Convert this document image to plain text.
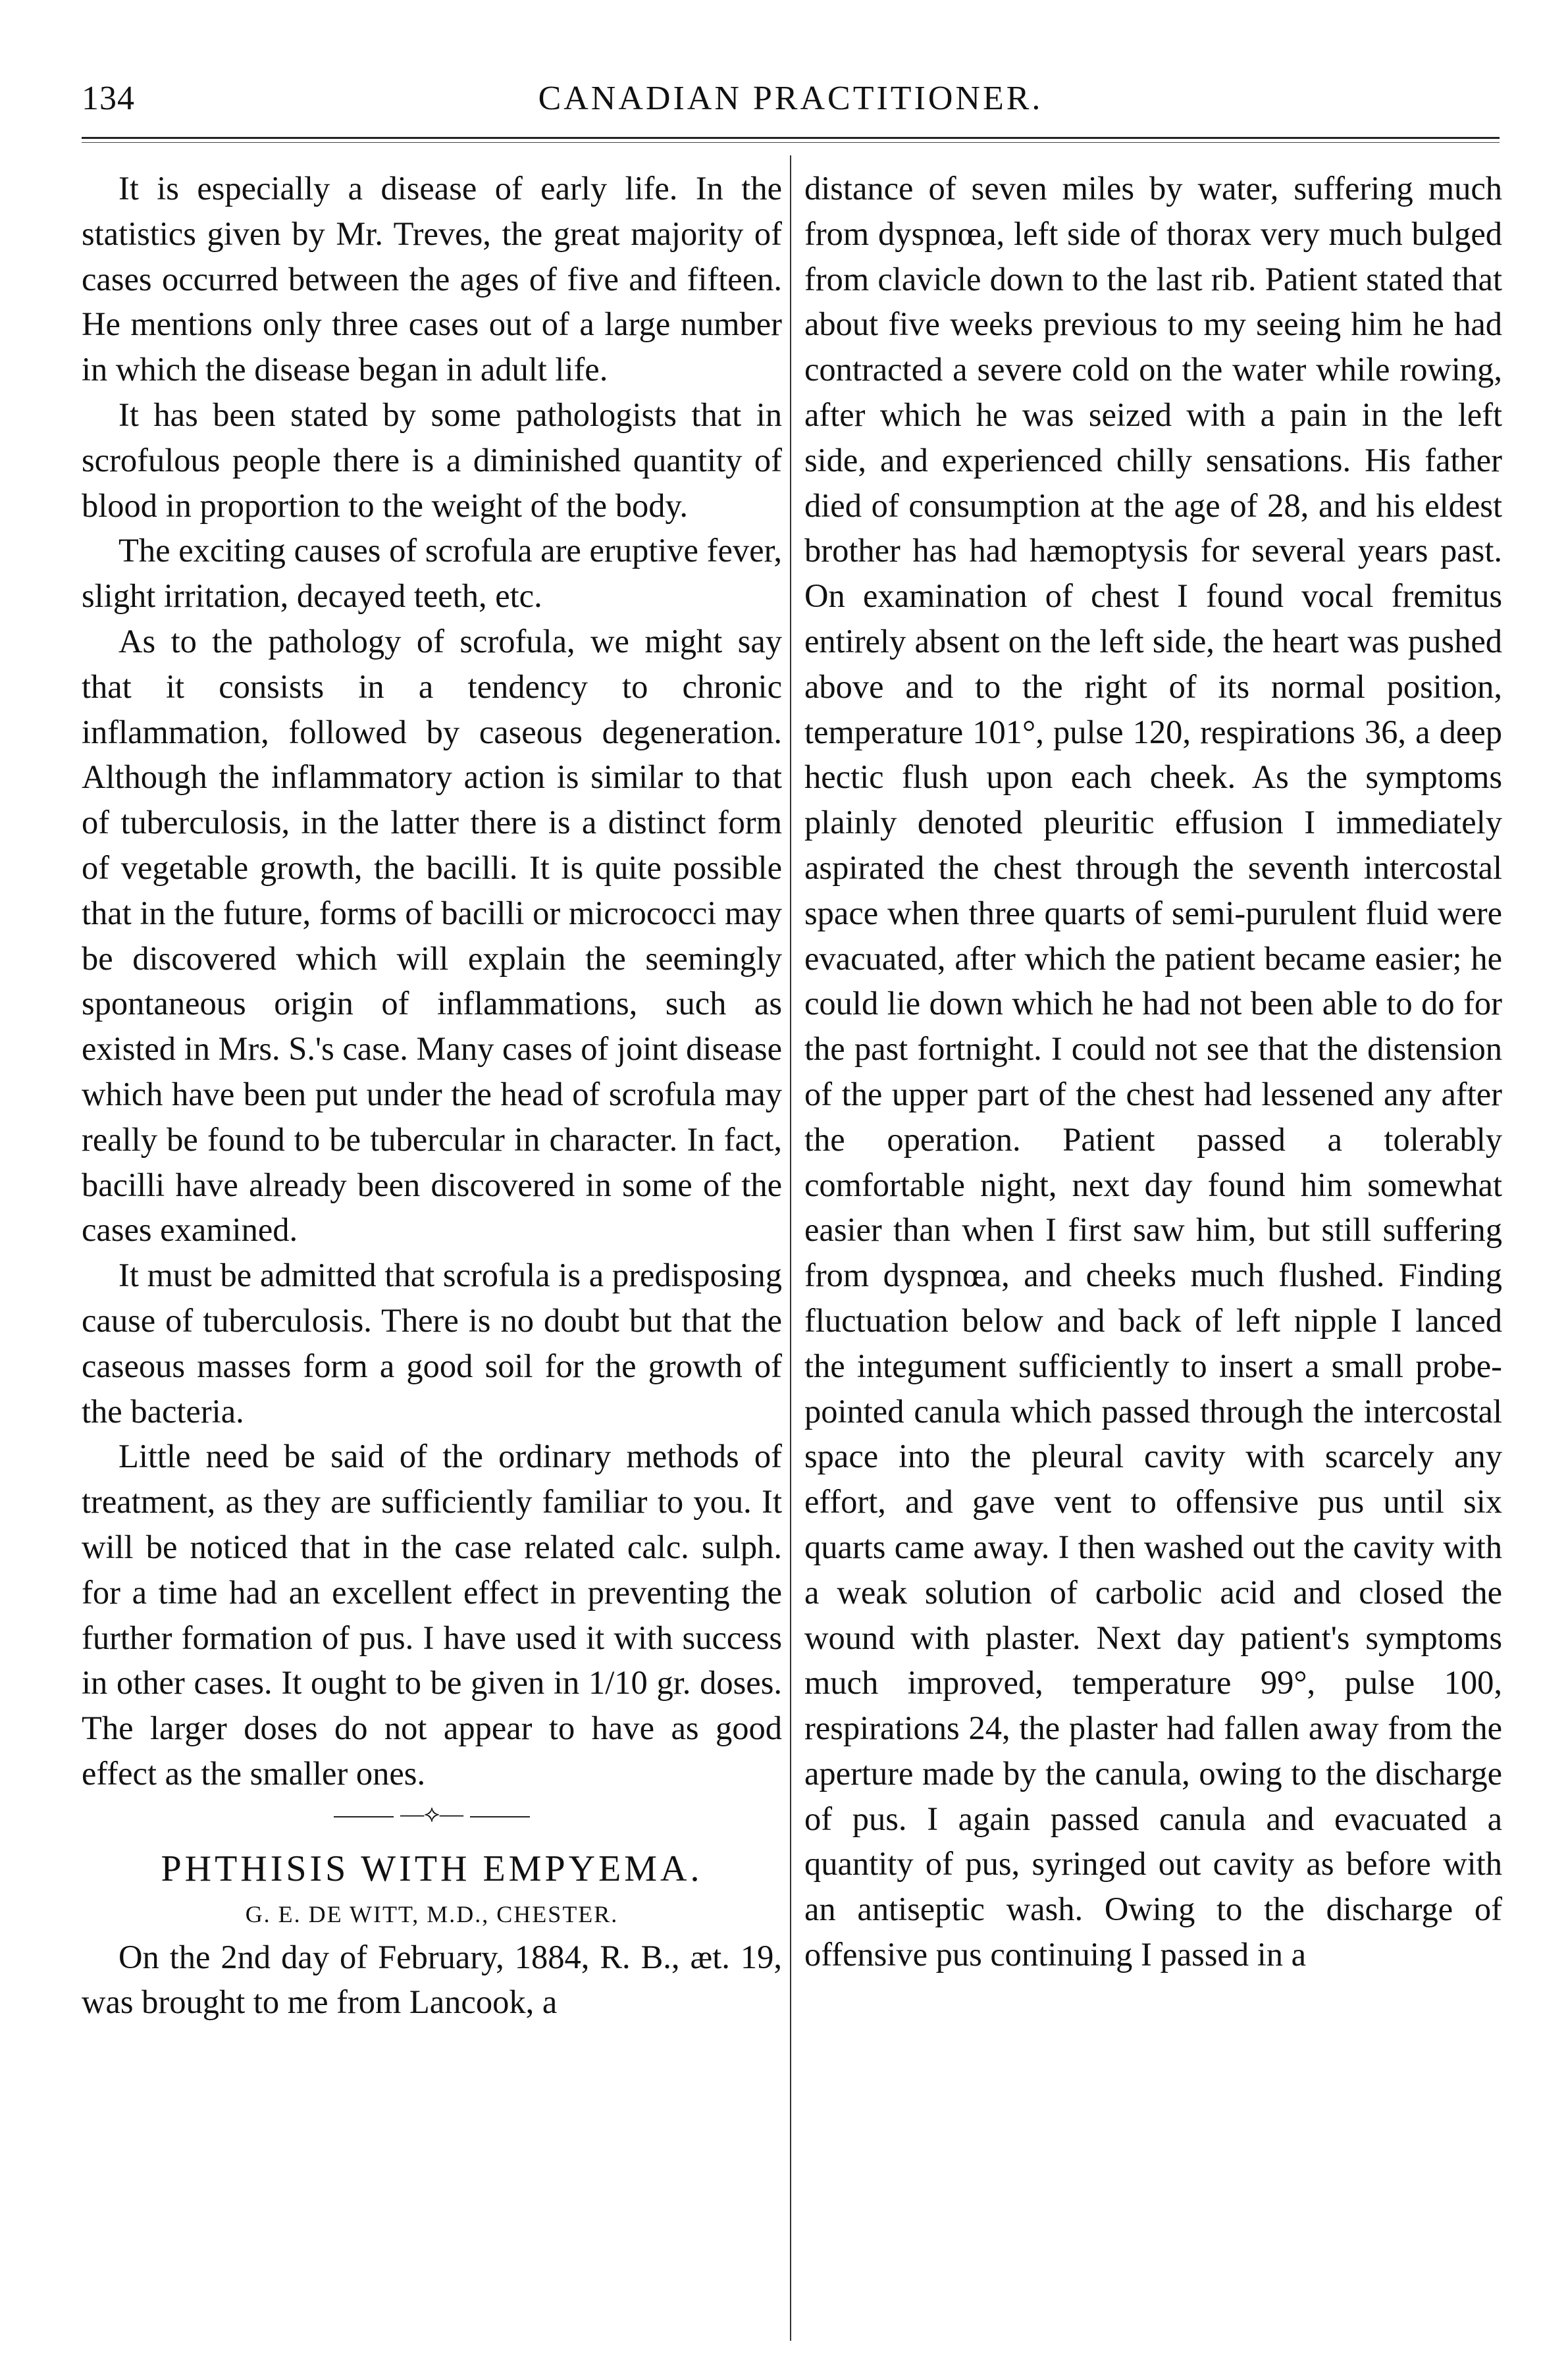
134	CANADIAN PRACTITIONER.

It is especially a disease of early life. In the statistics given by Mr. Treves, the great majority of cases occurred between the ages of five and fifteen. He mentions only three cases out of a large number in which the disease began in adult life.

It has been stated by some pathologists that in scrofulous people there is a diminished quantity of blood in proportion to the weight of the body.

The exciting causes of scrofula are eruptive fever, slight irritation, decayed teeth, etc.

As to the pathology of scrofula, we might say that it consists in a tendency to chronic inflammation, followed by caseous degeneration. Although the inflammatory action is similar to that of tuberculosis, in the latter there is a distinct form of vegetable growth, the bacilli. It is quite possible that in the future, forms of bacilli or micrococci may be discovered which will explain the seemingly spontaneous origin of inflammations, such as existed in Mrs. S.'s case. Many cases of joint disease which have been put under the head of scrofula may really be found to be tubercular in character. In fact, bacilli have already been discovered in some of the cases examined.

It must be admitted that scrofula is a predisposing cause of tuberculosis. There is no doubt but that the caseous masses form a good soil for the growth of the bacteria.

Little need be said of the ordinary methods of treatment, as they are sufficiently familiar to you. It will be noticed that in the case related calc. sulph. for a time had an excellent effect in preventing the further formation of pus. I have used it with success in other cases. It ought to be given in 1/10 gr. doses. The larger doses do not appear to have as good effect as the smaller ones.

—⟡—
PHTHISIS WITH EMPYEMA.
G. E. DE WITT, M.D., CHESTER.

On the 2nd day of February, 1884, R. B., æt. 19, was brought to me from Lancook, a

distance of seven miles by water, suffering much from dyspnœa, left side of thorax very much bulged from clavicle down to the last rib. Patient stated that about five weeks previous to my seeing him he had contracted a severe cold on the water while rowing, after which he was seized with a pain in the left side, and experienced chilly sensations. His father died of consumption at the age of 28, and his eldest brother has had hæmoptysis for several years past. On examination of chest I found vocal fremitus entirely absent on the left side, the heart was pushed above and to the right of its normal position, temperature 101°, pulse 120, respirations 36, a deep hectic flush upon each cheek. As the symptoms plainly denoted pleuritic effusion I immediately aspirated the chest through the seventh intercostal space when three quarts of semi-purulent fluid were evacuated, after which the patient became easier; he could lie down which he had not been able to do for the past fortnight. I could not see that the distension of the upper part of the chest had lessened any after the operation. Patient passed a tolerably comfortable night, next day found him somewhat easier than when I first saw him, but still suffering from dyspnœa, and cheeks much flushed. Finding fluctuation below and back of left nipple I lanced the integument sufficiently to insert a small probe-pointed canula which passed through the intercostal space into the pleural cavity with scarcely any effort, and gave vent to offensive pus until six quarts came away. I then washed out the cavity with a weak solution of carbolic acid and closed the wound with plaster. Next day patient's symptoms much improved, temperature 99°, pulse 100, respirations 24, the plaster had fallen away from the aperture made by the canula, owing to the discharge of pus. I again passed canula and evacuated a quantity of pus, syringed out cavity as before with an antiseptic wash. Owing to the discharge of offensive pus continuing I passed in a
